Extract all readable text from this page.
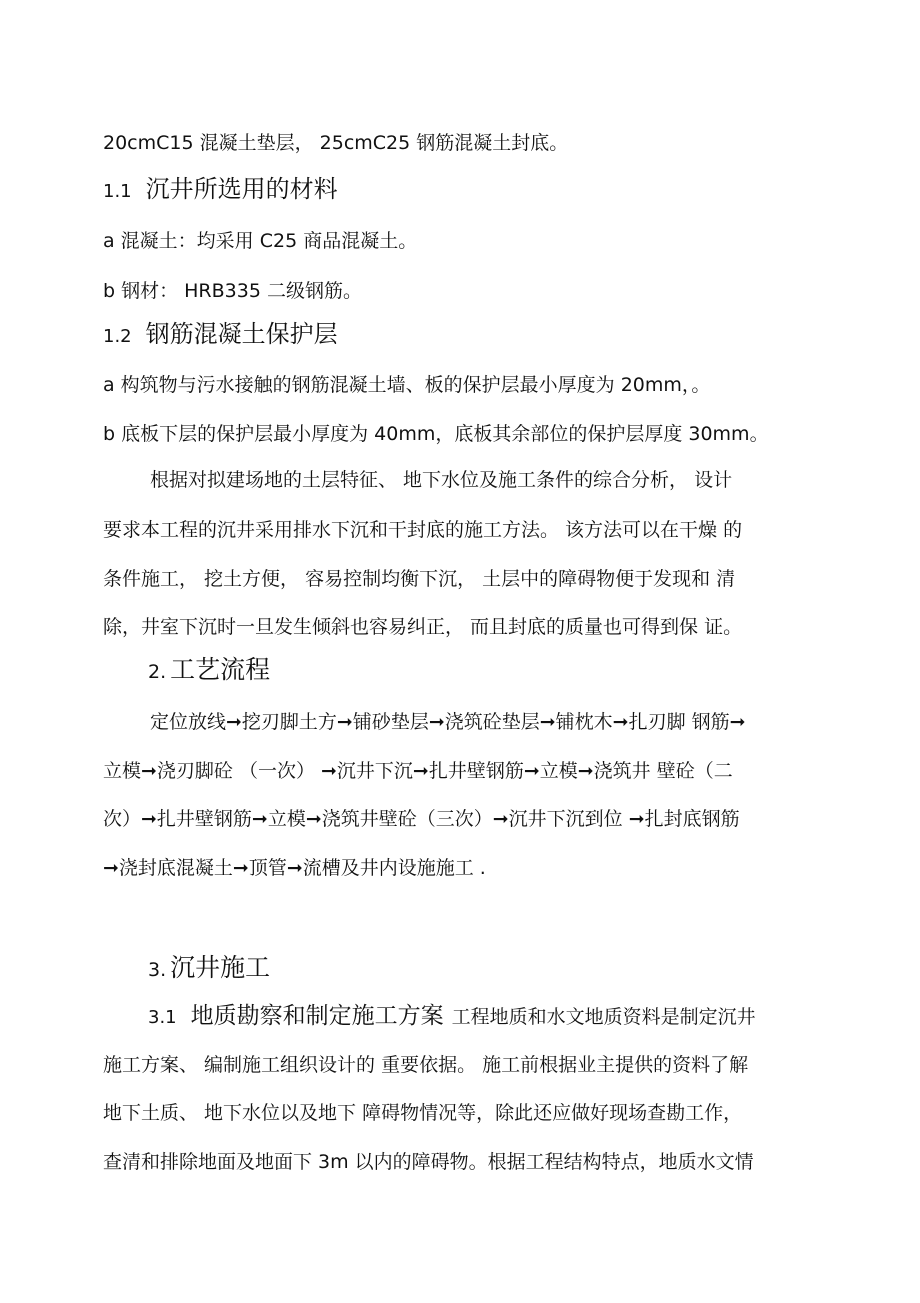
20cmC15 混凝土垫层， 25cmC25 钢筋混凝土封底。
1.1 沉井所选用的材料
a 混凝土：均采用 C25 商品混凝土。
b 钢材： HRB335 二级钢筋。
1.2 钢筋混凝土保护层
a 构筑物与污水接触的钢筋混凝土墙、板的保护层最小厚度为 20mm，。
b 底板下层的保护层最小厚度为 40mm，底板其余部位的保护层厚度 30mm。
根据对拟建场地的土层特征、 地下水位及施工条件的综合分析， 设计
要求本工程的沉井采用排水下沉和干封底的施工方法。 该方法可以在干燥 的
条件施工， 挖土方便， 容易控制均衡下沉， 土层中的障碍物便于发现和 清
除，井室下沉时一旦发生倾斜也容易纠正， 而且封底的质量也可得到保 证。
2. 工艺流程
定位放线➞挖刃脚土方➞铺砂垫层➞浇筑砼垫层➞铺枕木➞扎刃脚 钢筋➞
立模➞浇刃脚砼 （一次） ➞沉井下沉➞扎井壁钢筋➞立模➞浇筑井 壁砼（二
次）➞扎井壁钢筋➞立模➞浇筑井壁砼（三次）➞沉井下沉到位 ➞扎封底钢筋
➞浇封底混凝土➞顶管➞流槽及井内设施施工 .
3. 沉井施工
3.1 地质勘察和制定施工方案 工程地质和水文地质资料是制定沉井
施工方案、 编制施工组织设计的 重要依据。 施工前根据业主提供的资料了解
地下土质、 地下水位以及地下 障碍物情况等，除此还应做好现场查勘工作，
查清和排除地面及地面下 3m 以内的障碍物。根据工程结构特点，地质水文情
